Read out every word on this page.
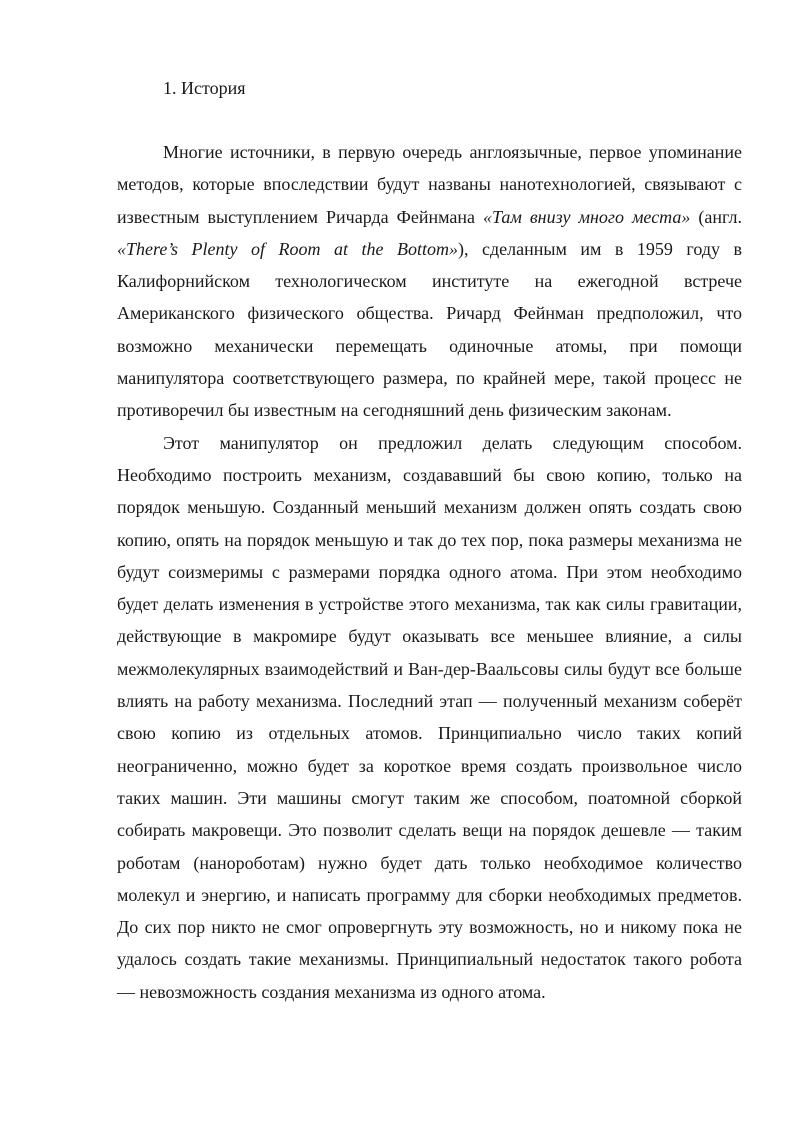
1. История

Многие источники, в первую очередь англоязычные, первое упоминание методов, которые впоследствии будут названы нанотехнологией, связывают с известным выступлением Ричарда Фейнмана «Там внизу много места» (англ. «There’s Plenty of Room at the Bottom»), сделанным им в 1959 году в Калифорнийском технологическом институте на ежегодной встрече Американского физического общества. Ричард Фейнман предположил, что возможно механически перемещать одиночные атомы, при помощи манипулятора соответствующего размера, по крайней мере, такой процесс не противоречил бы известным на сегодняшний день физическим законам.

Этот манипулятор он предложил делать следующим способом. Необходимо построить механизм, создававший бы свою копию, только на порядок меньшую. Созданный меньший механизм должен опять создать свою копию, опять на порядок меньшую и так до тех пор, пока размеры механизма не будут соизмеримы с размерами порядка одного атома. При этом необходимо будет делать изменения в устройстве этого механизма, так как силы гравитации, действующие в макромире будут оказывать все меньшее влияние, а силы межмолекулярных взаимодействий и Ван-дер-Ваальсовы силы будут все больше влиять на работу механизма. Последний этап — полученный механизм соберёт свою копию из отдельных атомов. Принципиально число таких копий неограниченно, можно будет за короткое время создать произвольное число таких машин. Эти машины смогут таким же способом, поатомной сборкой собирать макровещи. Это позволит сделать вещи на порядок дешевле — таким роботам (нанороботам) нужно будет дать только необходимое количество молекул и энергию, и написать программу для сборки необходимых предметов. До сих пор никто не смог опровергнуть эту возможность, но и никому пока не удалось создать такие механизмы. Принципиальный недостаток такого робота — невозможность создания механизма из одного атома.
